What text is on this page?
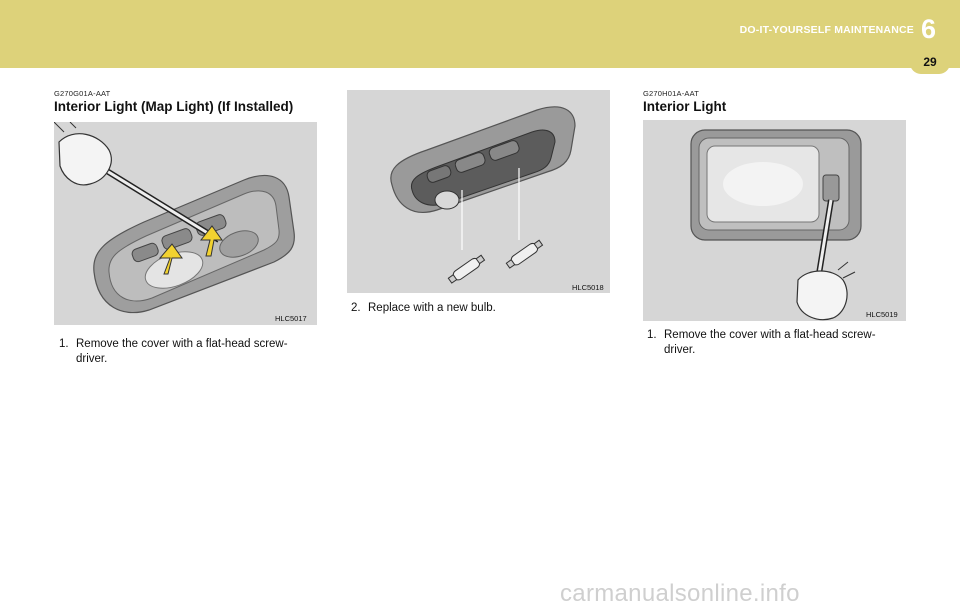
DO-IT-YOURSELF MAINTENANCE 6
29
G270G01A-AAT
Interior Light (Map Light) (If Installed)
HLC5017
1. Remove the cover with a flat-head screw-
driver.
HLC5018
2. Replace with a new bulb.
G270H01A-AAT
Interior Light
HLC5019
1. Remove the cover with a flat-head screw-
driver.
carmanualsonline.info
